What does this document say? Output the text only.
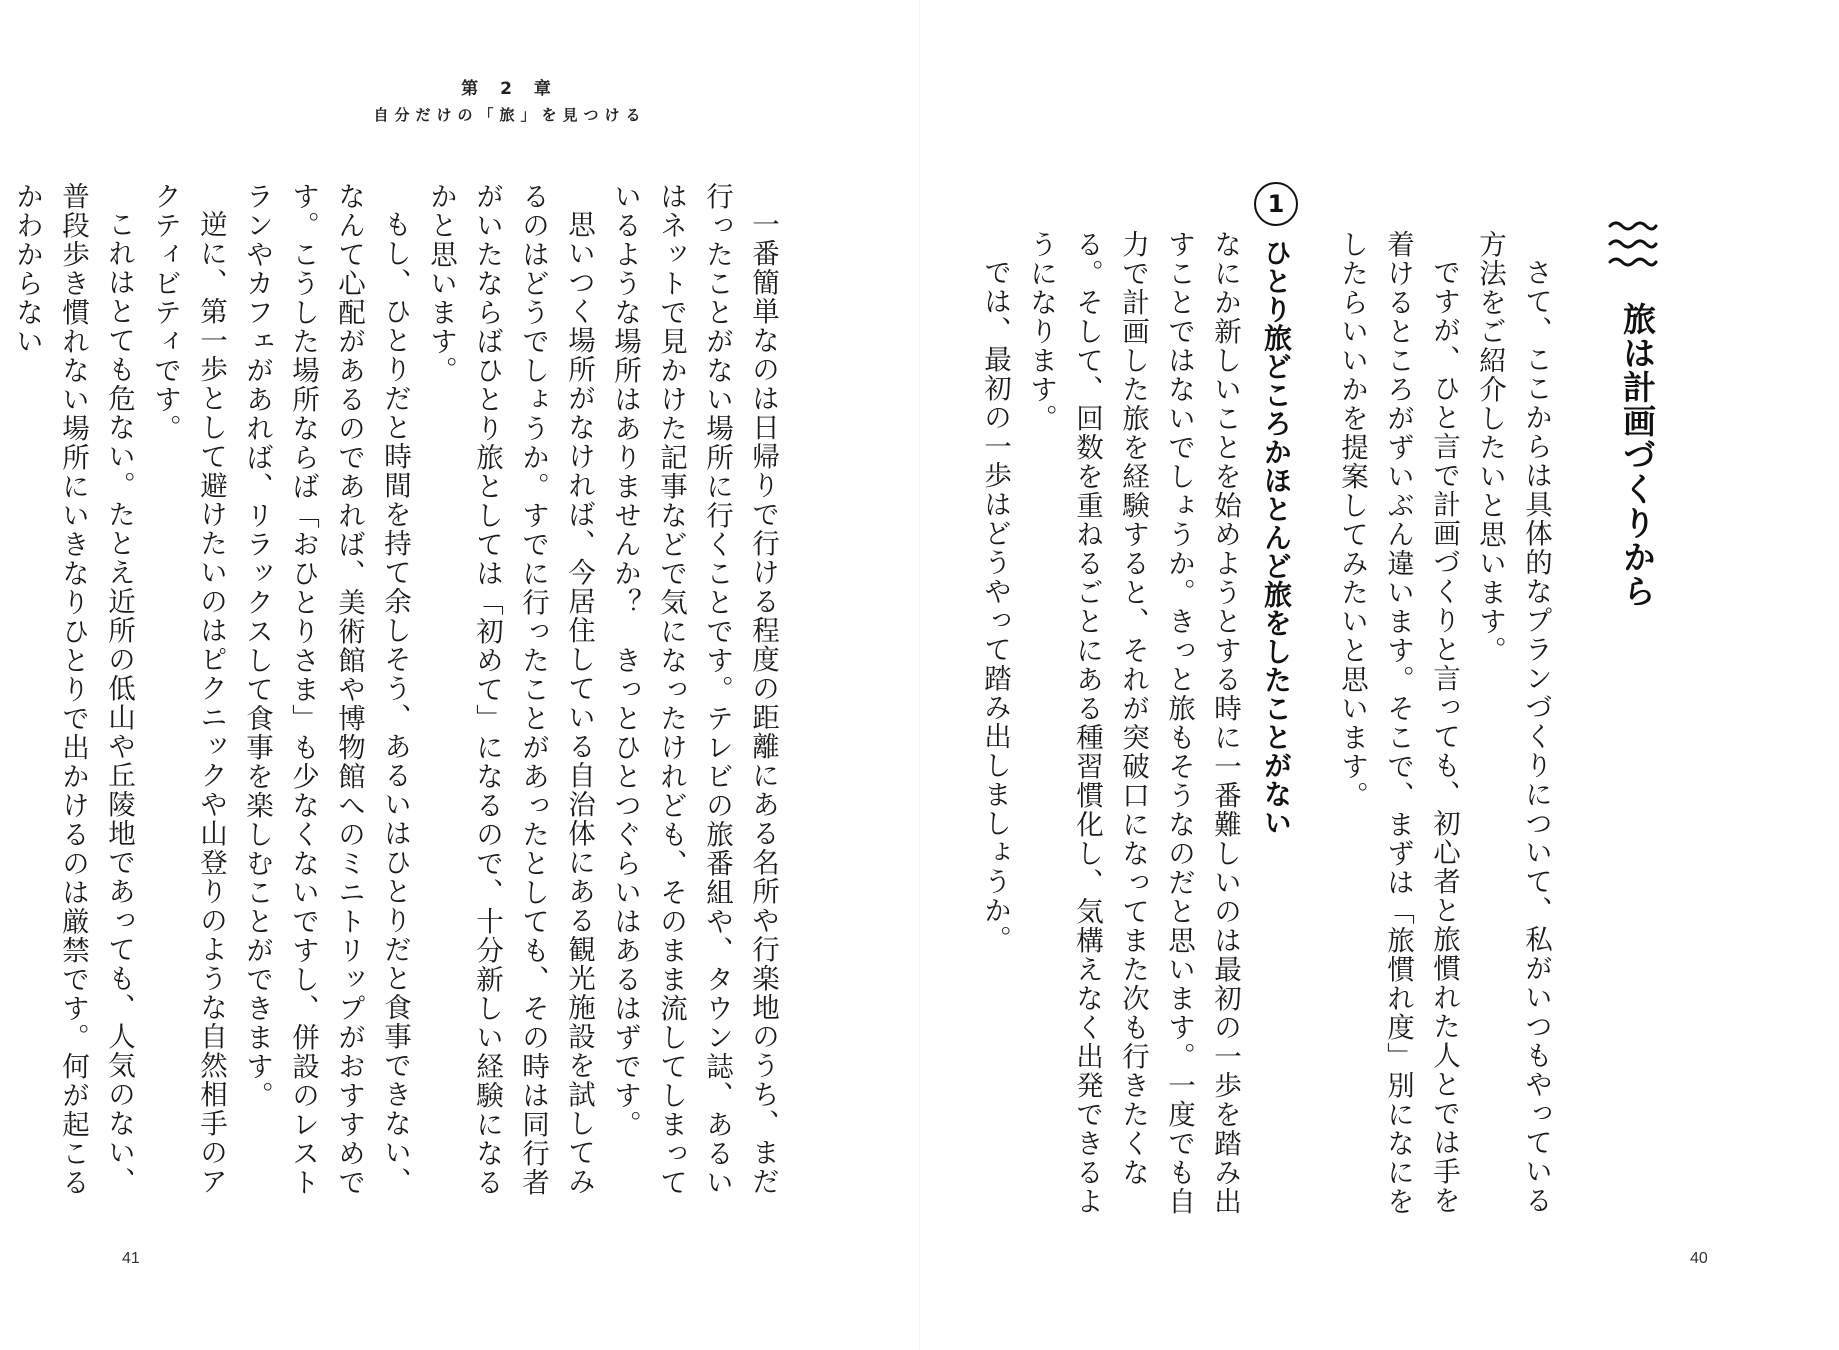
第 2 章
自分だけの「旅」を見つける

一番簡単なのは日帰りで行ける程度の距離にある名所や行楽地のうち、まだ行ったことがない場所に行くことです。テレビの旅番組や、タウン誌、あるいはネットで見かけた記事などで気になったけれども、そのまま流してしまっているような場所はありませんか？　きっとひとつぐらいはあるはずです。

思いつく場所がなければ、今居住している自治体にある観光施設を試してみるのはどうでしょうか。すでに行ったことがあったとしても、その時は同行者がいたならばひとり旅としては「初めて」になるので、十分新しい経験になるかと思います。

もし、ひとりだと時間を持て余しそう、あるいはひとりだと食事できない、なんて心配があるのであれば、美術館や博物館へのミニトリップがおすすめです。こうした場所ならば「おひとりさま」も少なくないですし、併設のレストランやカフェがあれば、リラックスして食事を楽しむことができます。

逆に、第一歩として避けたいのはピクニックや山登りのような自然相手のアクティビティです。

これはとても危ない。たとえ近所の低山や丘陵地であっても、人気のない、普段歩き慣れない場所にいきなりひとりで出かけるのは厳禁です。何が起こるかわからない

41
旅は計画づくりから

さて、ここからは具体的なプランづくりについて、私がいつもやっている方法をご紹介したいと思います。

ですが、ひと言で計画づくりと言っても、初心者と旅慣れた人とでは手を着けるところがずいぶん違います。そこで、まずは「旅慣れ度」別になにをしたらいいかを提案してみたいと思います。

1
ひとり旅どころかほとんど旅をしたことがない

なにか新しいことを始めようとする時に一番難しいのは最初の一歩を踏み出すことではないでしょうか。きっと旅もそうなのだと思います。一度でも自力で計画した旅を経験すると、それが突破口になってまた次も行きたくなる。そして、回数を重ねるごとにある種習慣化し、気構えなく出発できるようになります。

では、最初の一歩はどうやって踏み出しましょうか。

40
